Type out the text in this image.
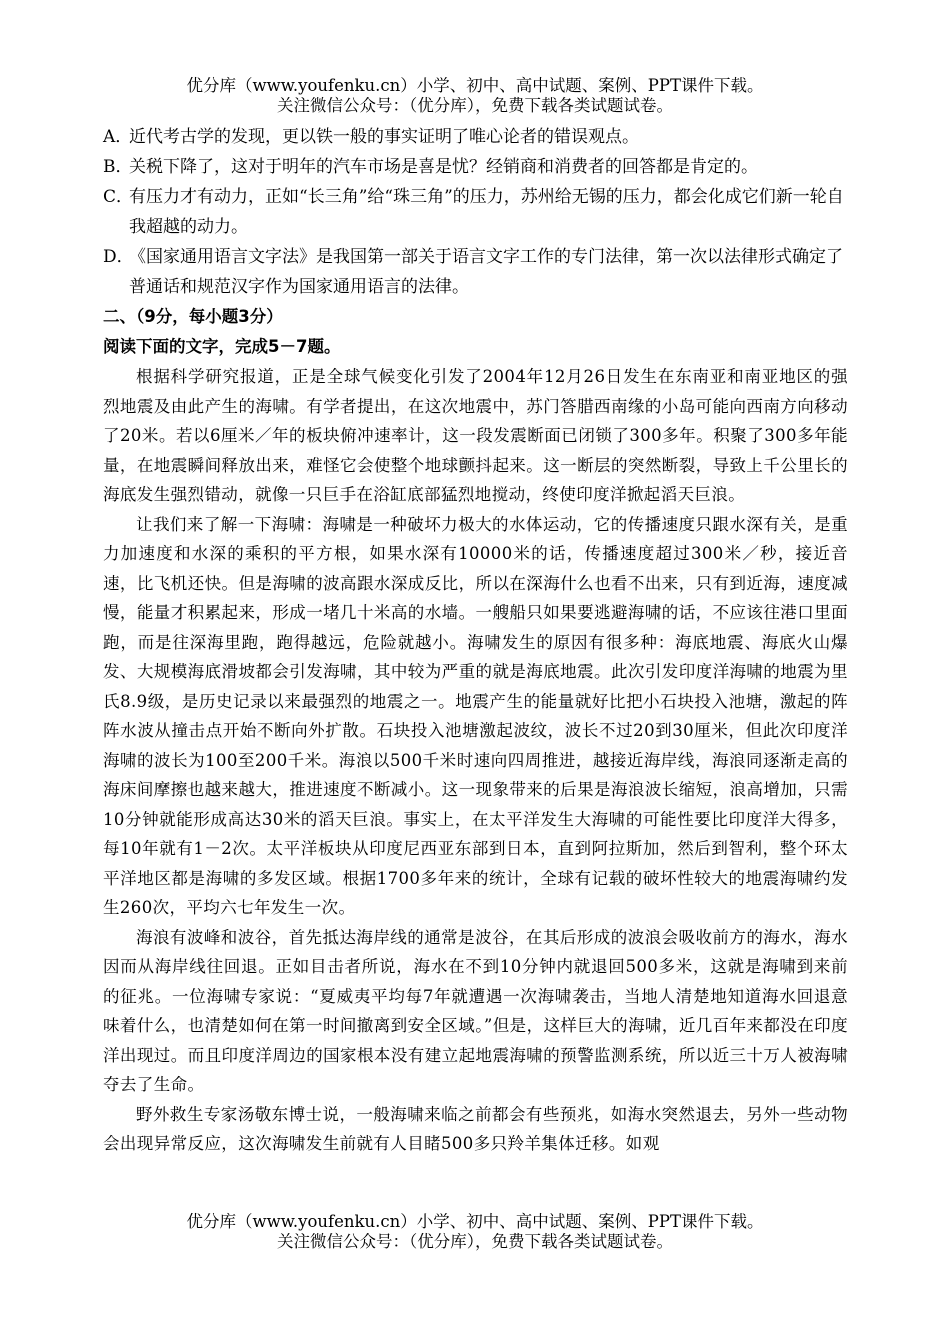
优分库（www.youfenku.cn）小学、初中、高中试题、案例、PPT课件下载。
关注微信公众号：（优分库），免费下载各类试题试卷。
A．
近代考古学的发现，更以铁一般的事实证明了唯心论者的错误观点。
B．
关税下降了，这对于明年的汽车市场是喜是忧？经销商和消费者的回答都是肯定的。
C．
有压力才有动力，正如“长三角”给“珠三角”的压力，苏州给无锡的压力，都会化成它们新一轮自我超越的动力。
D．
《国家通用语言文字法》是我国第一部关于语言文字工作的专门法律，第一次以法律形式确定了普通话和规范汉字作为国家通用语言的法律。
二、（9分，每小题3分）
阅读下面的文字，完成5－7题。

根据科学研究报道，正是全球气候变化引发了2004年12月26日发生在东南亚和南亚地区的强烈地震及由此产生的海啸。有学者提出，在这次地震中，苏门答腊西南缘的小岛可能向西南方向移动了20米。若以6厘米／年的板块俯冲速率计，这一段发震断面已闭锁了300多年。积聚了300多年能量，在地震瞬间释放出来，难怪它会使整个地球颤抖起来。这一断层的突然断裂，导致上千公里长的海底发生强烈错动，就像一只巨手在浴缸底部猛烈地搅动，终使印度洋掀起滔天巨浪。

让我们来了解一下海啸：海啸是一种破坏力极大的水体运动，它的传播速度只跟水深有关，是重力加速度和水深的乘积的平方根，如果水深有10000米的话，传播速度超过300米／秒，接近音速，比飞机还快。但是海啸的波高跟水深成反比，所以在深海什么也看不出来，只有到近海，速度减慢，能量才积累起来，形成一堵几十米高的水墙。一艘船只如果要逃避海啸的话，不应该往港口里面跑，而是往深海里跑，跑得越远，危险就越小。海啸发生的原因有很多种：海底地震、海底火山爆发、大规模海底滑坡都会引发海啸，其中较为严重的就是海底地震。此次引发印度洋海啸的地震为里氏8.9级，是历史记录以来最强烈的地震之一。地震产生的能量就好比把小石块投入池塘，激起的阵阵水波从撞击点开始不断向外扩散。石块投入池塘激起波纹，波长不过20到30厘米，但此次印度洋海啸的波长为100至200千米。海浪以500千米时速向四周推进，越接近海岸线，海浪同逐渐走高的海床间摩擦也越来越大，推进速度不断减小。这一现象带来的后果是海浪波长缩短，浪高增加，只需10分钟就能形成高达30米的滔天巨浪。事实上，在太平洋发生大海啸的可能性要比印度洋大得多，每10年就有1－2次。太平洋板块从印度尼西亚东部到日本，直到阿拉斯加，然后到智利，整个环太平洋地区都是海啸的多发区域。根据1700多年来的统计，全球有记载的破坏性较大的地震海啸约发生260次，平均六七年发生一次。

海浪有波峰和波谷，首先抵达海岸线的通常是波谷，在其后形成的波浪会吸收前方的海水，海水因而从海岸线往回退。正如目击者所说，海水在不到10分钟内就退回500多米，这就是海啸到来前的征兆。一位海啸专家说：“夏威夷平均每7年就遭遇一次海啸袭击，当地人清楚地知道海水回退意味着什么，也清楚如何在第一时间撤离到安全区域。”但是，这样巨大的海啸，近几百年来都没在印度洋出现过。而且印度洋周边的国家根本没有建立起地震海啸的预警监测系统，所以近三十万人被海啸夺去了生命。

野外救生专家汤敬东博士说，一般海啸来临之前都会有些预兆，如海水突然退去，另外一些动物会出现异常反应，这次海啸发生前就有人目睹500多只羚羊集体迁移。如观

优分库（www.youfenku.cn）小学、初中、高中试题、案例、PPT课件下载。
关注微信公众号：（优分库），免费下载各类试题试卷。
